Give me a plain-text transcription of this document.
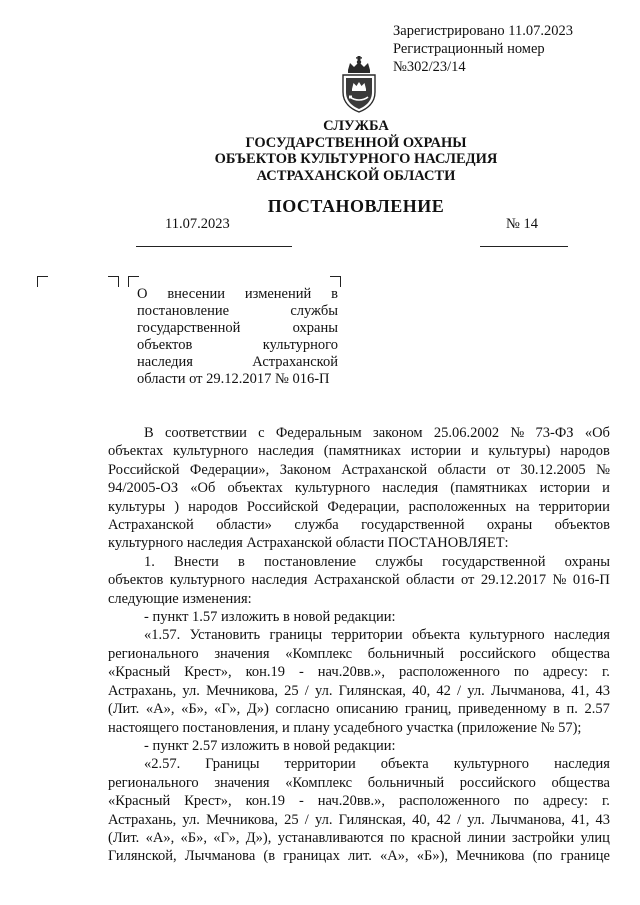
Зарегистрировано 11.07.2023
Регистрационный номер
№302/23/14
СЛУЖБА
ГОСУДАРСТВЕННОЙ ОХРАНЫ
ОБЪЕКТОВ КУЛЬТУРНОГО НАСЛЕДИЯ
АСТРАХАНСКОЙ ОБЛАСТИ
ПОСТАНОВЛЕНИЕ
11.07.2023	№ 14
О внесении изменений в
постановление	службы
государственной	охраны
объектов	культурного
наследия	Астраханской
области от 29.12.2017 № 016-П
В соответствии с Федеральным законом 25.06.2002 № 73-ФЗ «Об
объектах культурного наследия (памятниках истории и культуры) народов
Российской Федерации», Законом Астраханской области от 30.12.2005 №
94/2005-ОЗ «Об объектах культурного наследия (памятниках истории и
культуры ) народов Российской Федерации, расположенных на территории
Астраханской области» служба государственной охраны объектов
культурного наследия Астраханской области ПОСТАНОВЛЯЕТ:
1. Внести в постановление службы государственной охраны
объектов культурного наследия Астраханской области от 29.12.2017 № 016-П
следующие изменения:
- пункт 1.57 изложить в новой редакции:
«1.57. Установить границы территории объекта культурного наследия
регионального значения «Комплекс больничный российского общества
«Красный Крест», кон.19 - нач.20вв.», расположенного по адресу: г.
Астрахань, ул. Мечникова, 25 / ул. Гилянская, 40, 42 / ул. Лычманова, 41, 43
(Лит. «А», «Б», «Г», Д») согласно описанию границ, приведенному в п. 2.57
настоящего постановления, и плану усадебного участка (приложение № 57);
- пункт 2.57 изложить в новой редакции:
«2.57. Границы территории объекта культурного наследия
регионального значения «Комплекс больничный российского общества
«Красный Крест», кон.19 - нач.20вв.», расположенного по адресу: г.
Астрахань, ул. Мечникова, 25 / ул. Гилянская, 40, 42 / ул. Лычманова, 41, 43
(Лит. «А», «Б», «Г», Д»), устанавливаются по красной линии застройки улиц
Гилянской, Лычманова (в границах лит. «А», «Б»), Мечникова (по границе
